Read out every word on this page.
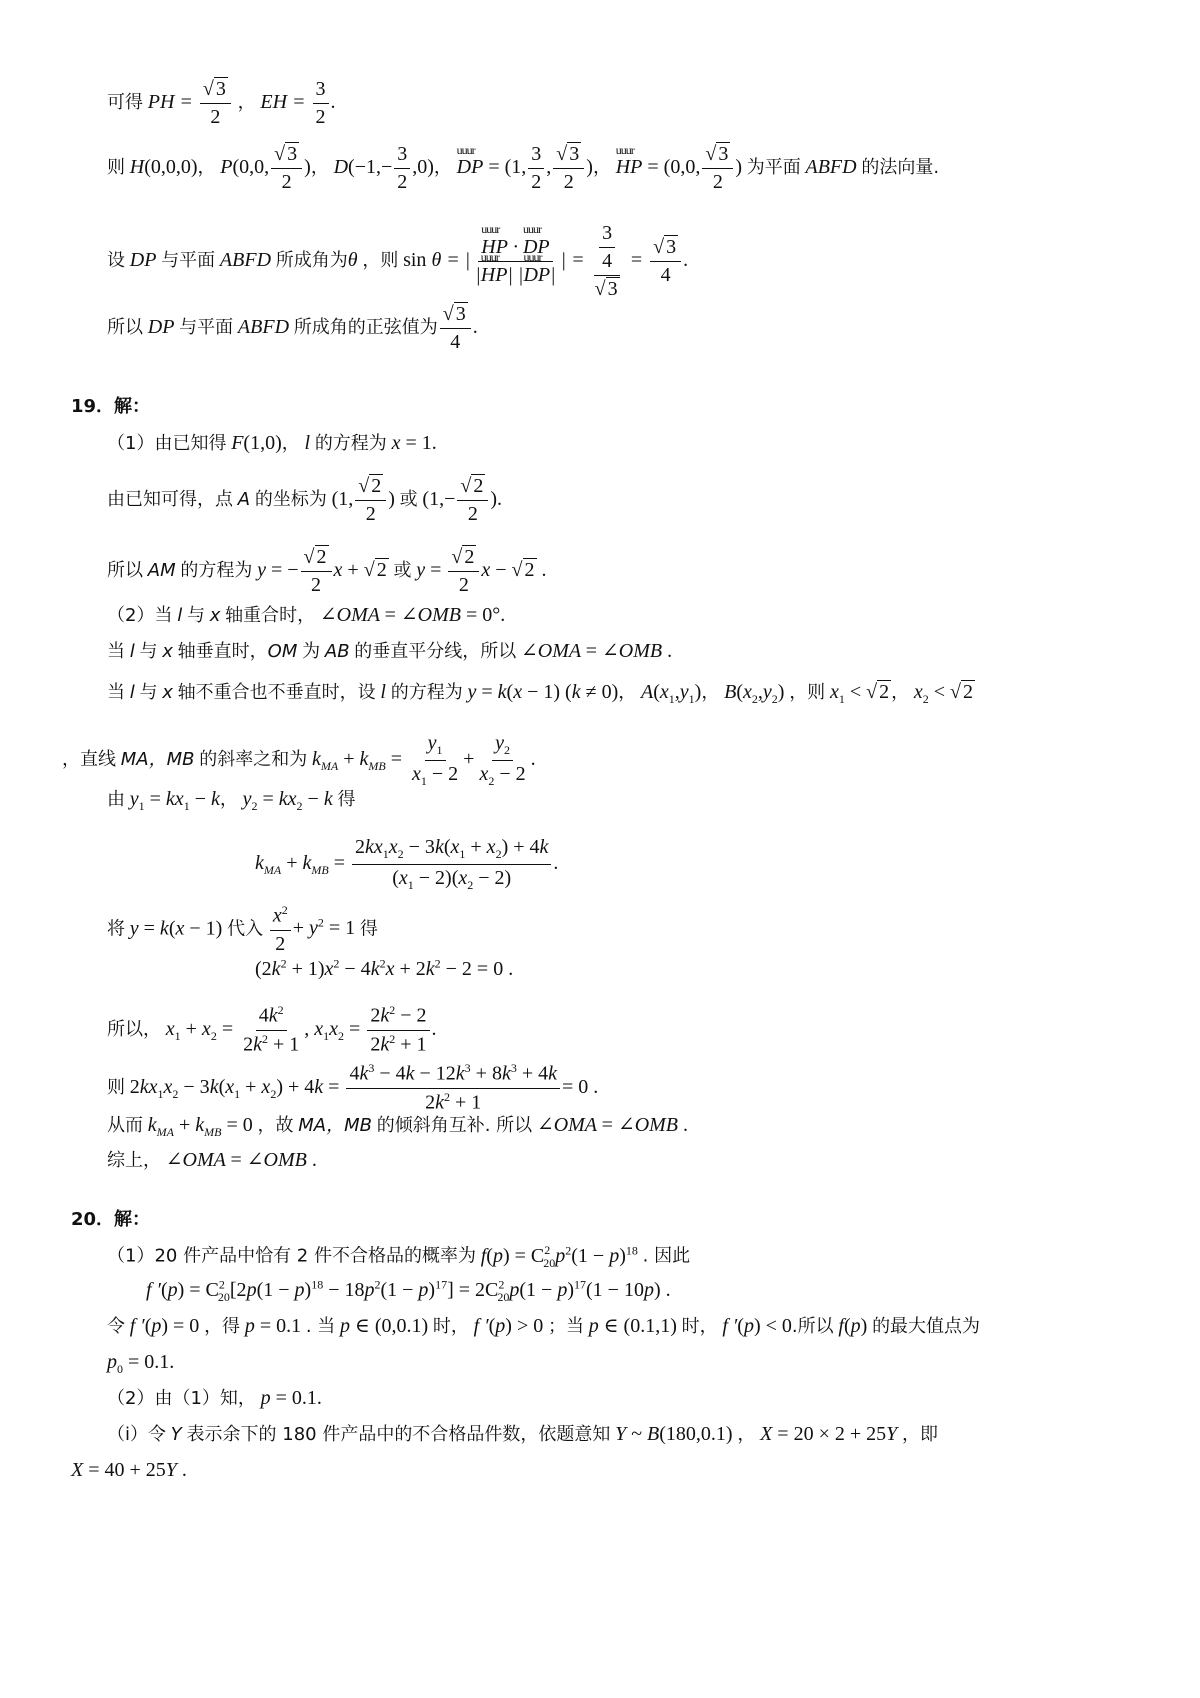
可得 PH = $\frac{√ 3}{2}$ ， EH = $\frac{3}{2}$ .
则 H(0,0,0)， P(0,0, $\frac{√ 3}{2}$ )， $D(-1,- \frac{3}{2} ,0)$， uuur DP = (1, $\frac{3}{2}$ , $\frac{√ 3}{2}$ )， uuur HP = (0,0, $\frac{√ 3}{2}$ ) 为平面 ABFD 的法向量.
设 DP 与平面 ABFD 所成角为θ ，则 sin θ = | uuur $\frac{\text{HP · uuur DP}}{\text{|uuur HP| |uuur DP|}}$ | = $\frac{\frac{3}{4}}{√ 3} = \frac{√ 3}{4}$ .
所以 DP 与平面 ABFD 所成角的正弦值为 $\frac{√ 3}{4}$ .
19．解：
（1）由已知得 F(1,0)， l 的方程为 x = 1.
由已知可得，点 A 的坐标为 (1, $\frac{√ 2}{2}$ ) 或 ($1,- \frac{√ 2}{2}$ ).
所以 AM 的方程为 y = − $\frac{√ 2}{2}$ x + √ 2 或 $y = \frac{√ 2}{2}$ x − √ 2 .
（2）当 l 与 x 轴重合时， ∠OMA = ∠OMB = 0°.
当 l 与 x 轴垂直时，OM 为 AB 的垂直平分线，所以 ∠OMA = ∠OMB .
当 l 与 x 轴不重合也不垂直时，设 l 的方程为 y = k(x − 1) (k ≠ 0)， $A(x_1,y_1)$， $B(x_2,y_2)$ ，则 $x_1$ < √ 2 ， $x_2$ < √ 2
，直线 MA，MB 的斜率之和为 $k_{MA} + k_{MB} = \frac{y_1}{x_1 - 2} + \frac{y_2}{x_2 - 2}$ .
由 $y_1 = kx_1 - k$， $y_2 = kx_2 - k$ 得
$k_{MA} + k_{MB} = \frac{2kx_1x_2 - 3k(x_1 + x_2) + 4k}{(x_1 - 2)(x_2 - 2)}$ .
将 y = k(x − 1) 代入 $\frac{x^2}{2} + y^2 = 1$ 得
$(2k^2 + 1)x^2 - 4k^2x + 2k^2 - 2 = 0$ .
所以， $x_1 + x_2 = \frac{4k^2}{2k^2 + 1}$ , $x_1x_2 = \frac{2k^2 - 2}{2k^2 + 1}$ .
则 $2kx_1x_2 - 3k(x_1 + x_2) + 4k = \frac{4k^3 - 4k - 12k^3 + 8k^3 + 4k}{2k^2 + 1} = 0$ .
从而 $k_{MA} + k_{MB} = 0$ ，故 MA，MB 的倾斜角互补. 所以 ∠OMA = ∠OMB .
综上， ∠OMA = ∠OMB .
20．解：
（1）20 件产品中恰有 2 件不合格品的概率为 $f(p) = C^2_{20}p^2(1 - p)^{18}$ . 因此
f $'(p) = C^2_{20}[2p(1 - p)^{18} - 18p^2(1 - p)^{17}] = 2C^2_{20}p(1 - p)^{17}(1 - 10p)$ .
令 f ′(p) = 0 ，得 p = 0.1 . 当 p ∈ (0,0.1) 时， f ′(p) > 0 ；当 p ∈ (0.1,1) 时， f ′(p) < 0.所以 f(p) 的最大值点为
$p_0 = 0.1$.
（2）由（1）知， p = 0.1.
（ⅰ）令 Y 表示余下的 180 件产品中的不合格品件数，依题意知 Y ~ B(180,0.1) ， X = 20 × 2 + 25Y ，即
X = 40 + 25Y .
